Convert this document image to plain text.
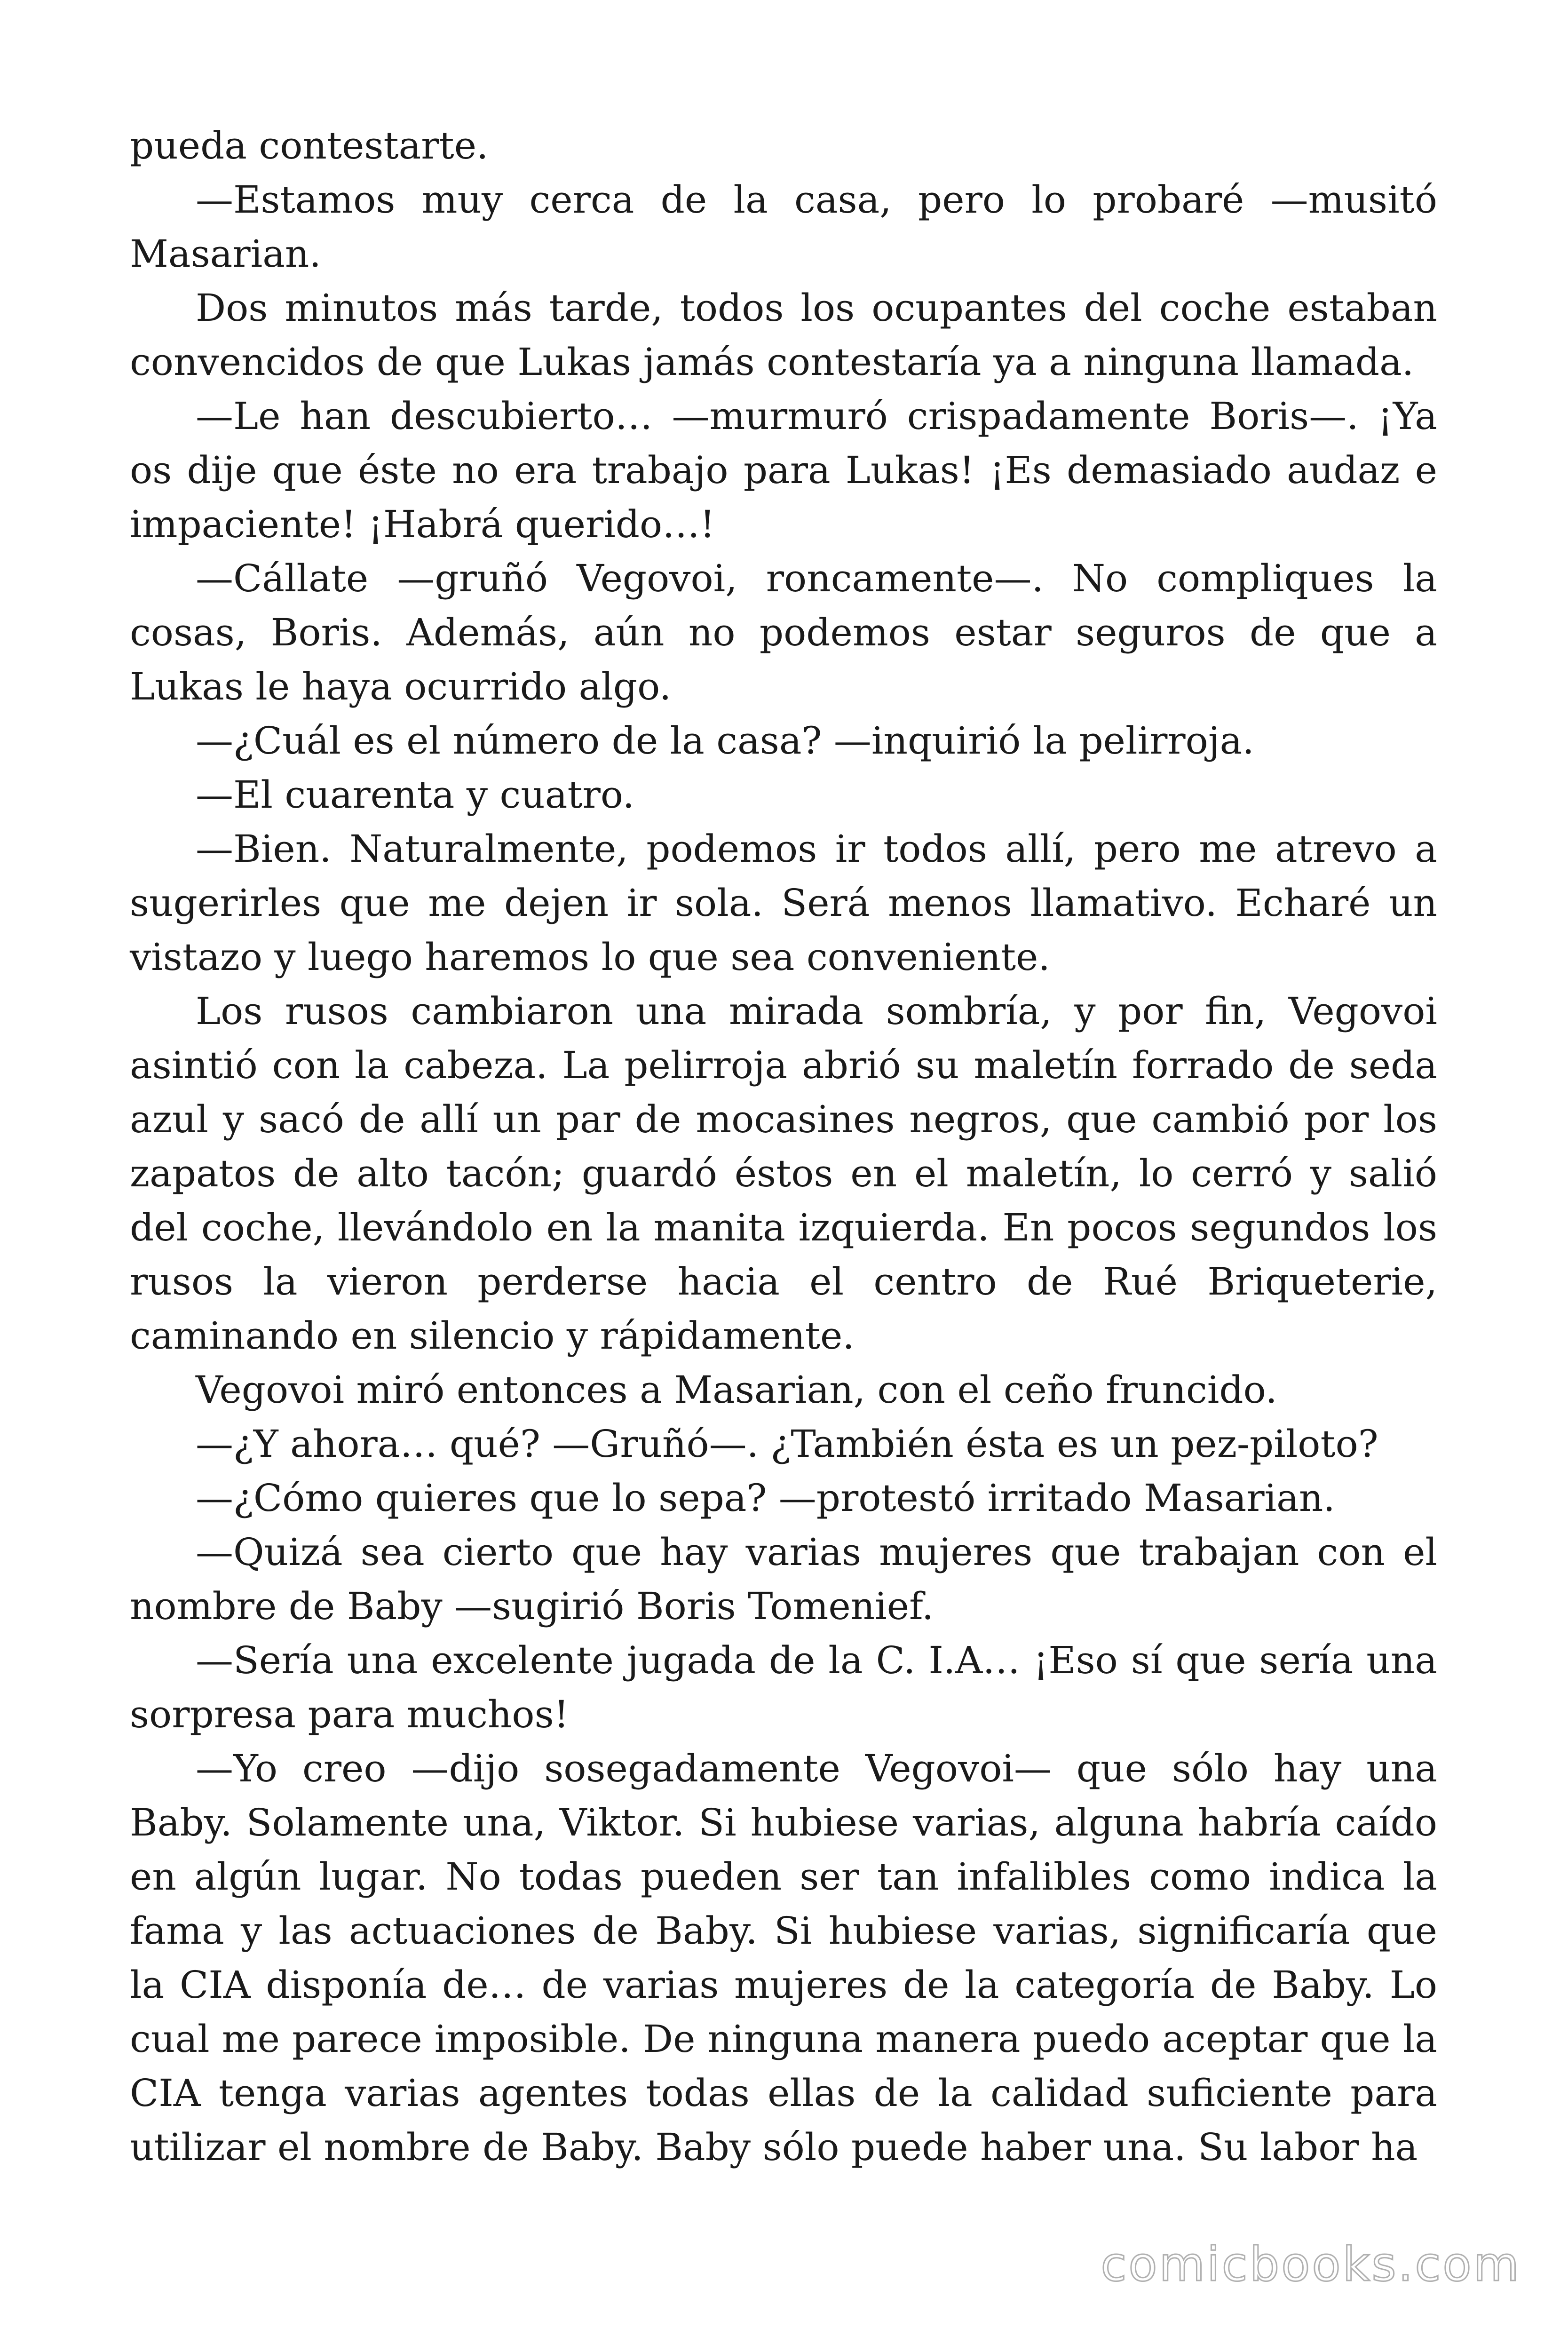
pueda contestarte.

—Estamos muy cerca de la casa, pero lo probaré —musitó Masarian.

Dos minutos más tarde, todos los ocupantes del coche estaban convencidos de que Lukas jamás contestaría ya a ninguna llamada.

—Le han descubierto… —murmuró crispadamente Boris—. ¡Ya os dije que éste no era trabajo para Lukas! ¡Es demasiado audaz e impaciente! ¡Habrá querido…!

—Cállate —gruñó Vegovoi, roncamente—. No compliques la cosas, Boris. Además, aún no podemos estar seguros de que a Lukas le haya ocurrido algo.

—¿Cuál es el número de la casa? —inquirió la pelirroja.

—El cuarenta y cuatro.

—Bien. Naturalmente, podemos ir todos allí, pero me atrevo a sugerirles que me dejen ir sola. Será menos llamativo. Echaré un vistazo y luego haremos lo que sea conveniente.

Los rusos cambiaron una mirada sombría, y por fin, Vegovoi asintió con la cabeza. La pelirroja abrió su maletín forrado de seda azul y sacó de allí un par de mocasines negros, que cambió por los zapatos de alto tacón; guardó éstos en el maletín, lo cerró y salió del coche, llevándolo en la manita izquierda. En pocos segundos los rusos la vieron perderse hacia el centro de Rué Briqueterie, caminando en silencio y rápidamente.

Vegovoi miró entonces a Masarian, con el ceño fruncido.

—¿Y ahora… qué? —Gruñó—. ¿También ésta es un pez-piloto?

—¿Cómo quieres que lo sepa? —protestó irritado Masarian.

—Quizá sea cierto que hay varias mujeres que trabajan con el nombre de Baby —sugirió Boris Tomenief.

—Sería una excelente jugada de la C. I.A… ¡Eso sí que sería una sorpresa para muchos!

—Yo creo —dijo sosegadamente Vegovoi— que sólo hay una Baby. Solamente una, Viktor. Si hubiese varias, alguna habría caído en algún lugar. No todas pueden ser tan infalibles como indica la fama y las actuaciones de Baby. Si hubiese varias, significaría que la CIA disponía de… de varias mujeres de la categoría de Baby. Lo cual me parece imposible. De ninguna manera puedo aceptar que la CIA tenga varias agentes todas ellas de la calidad suficiente para utilizar el nombre de Baby. Baby sólo puede haber una. Su labor ha

comicbooks.com
